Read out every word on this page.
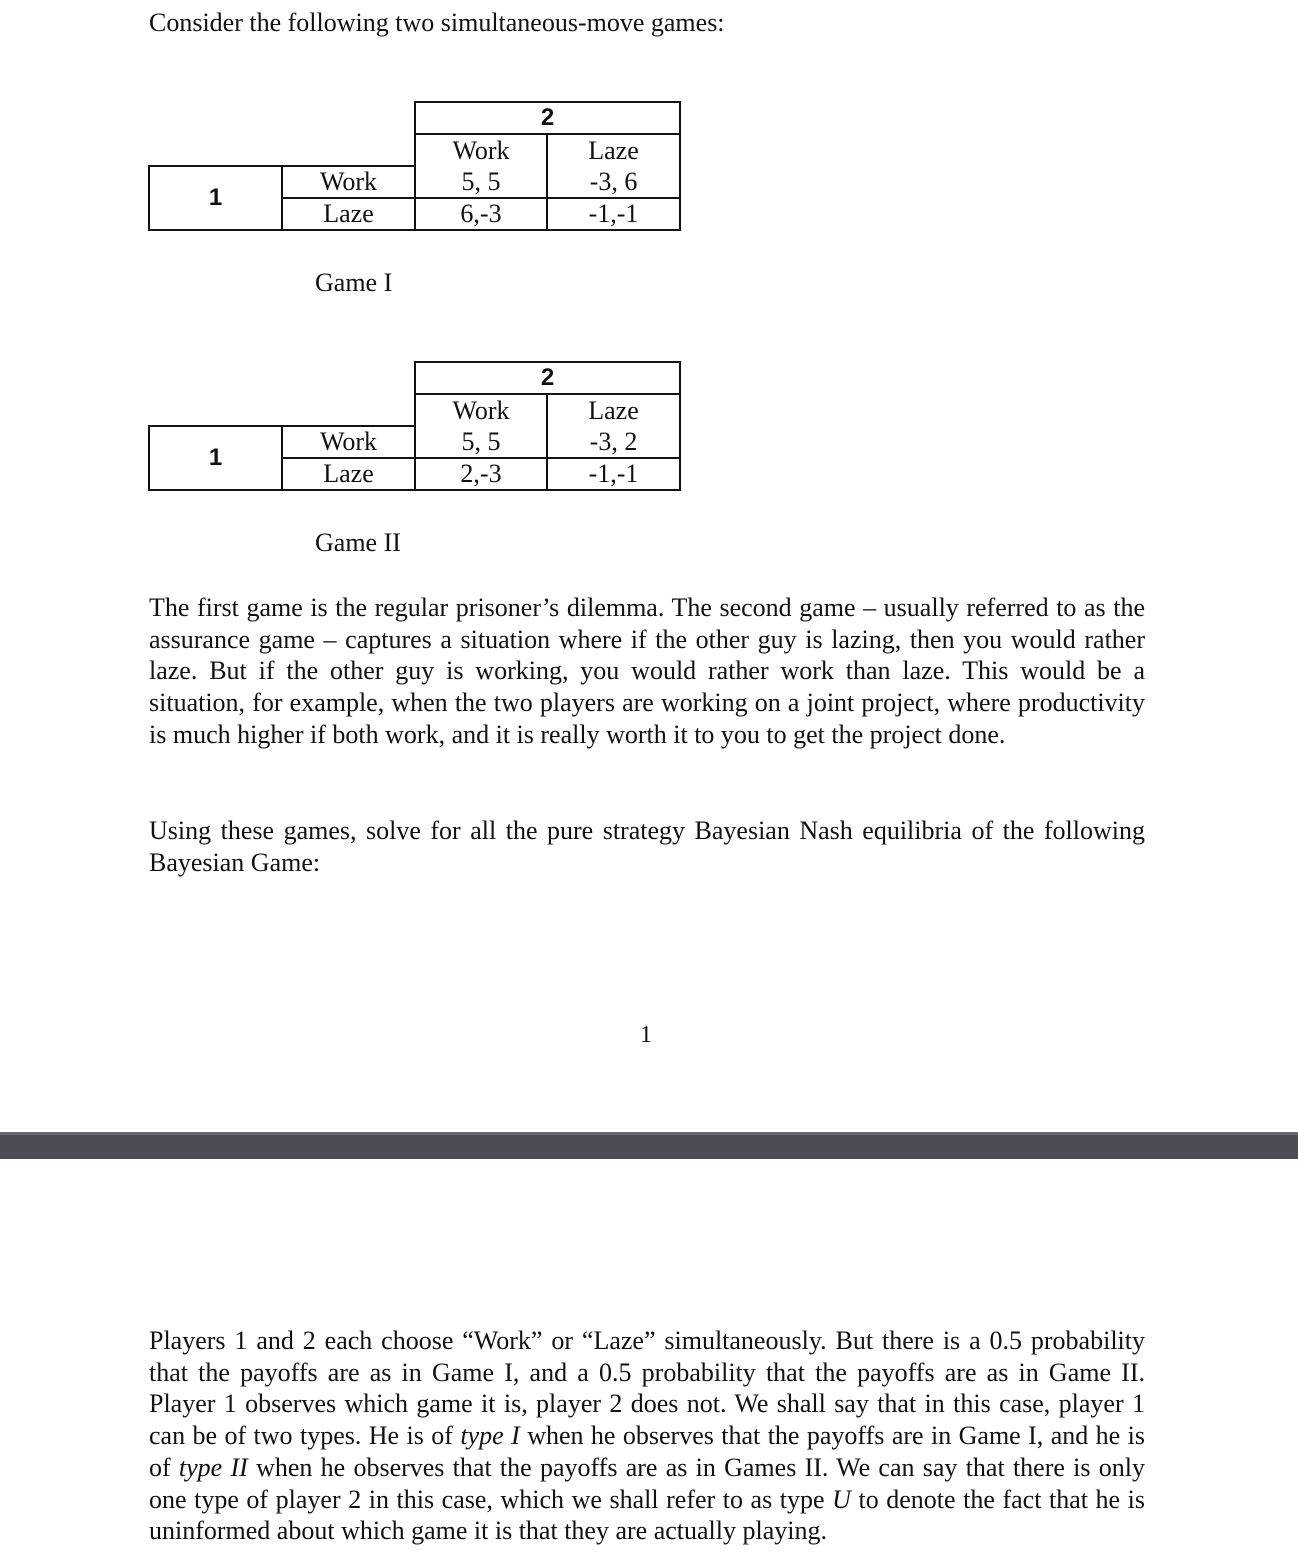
Consider the following two simultaneous-move games:
		2	
		Work	Laze
1	Work	5, 5	-3, 6
	Laze	6,-3	-1,-1
Game I
		2	
		Work	Laze
1	Work	5, 5	-3, 2
	Laze	2,-3	-1,-1
Game II

The first game is the regular prisoner’s dilemma. The second game – usually referred to as the assurance game – captures a situation where if the other guy is lazing, then you would rather laze. But if the other guy is working, you would rather work than laze. This would be a situation, for example, when the two players are working on a joint project, where productivity is much higher if both work, and it is really worth it to you to get the project done.

Using these games, solve for all the pure strategy Bayesian Nash equilibria of the following Bayesian Game:

1

Players 1 and 2 each choose “Work” or “Laze” simultaneously. But there is a 0.5 probability that the payoffs are as in Game I, and a 0.5 probability that the payoffs are as in Game II. Player 1 observes which game it is, player 2 does not. We shall say that in this case, player 1 can be of two types. He is of type I when he observes that the payoffs are in Game I, and he is of type II when he observes that the payoffs are as in Games II. We can say that there is only one type of player 2 in this case, which we shall refer to as type U to denote the fact that he is uninformed about which game it is that they are actually playing.
